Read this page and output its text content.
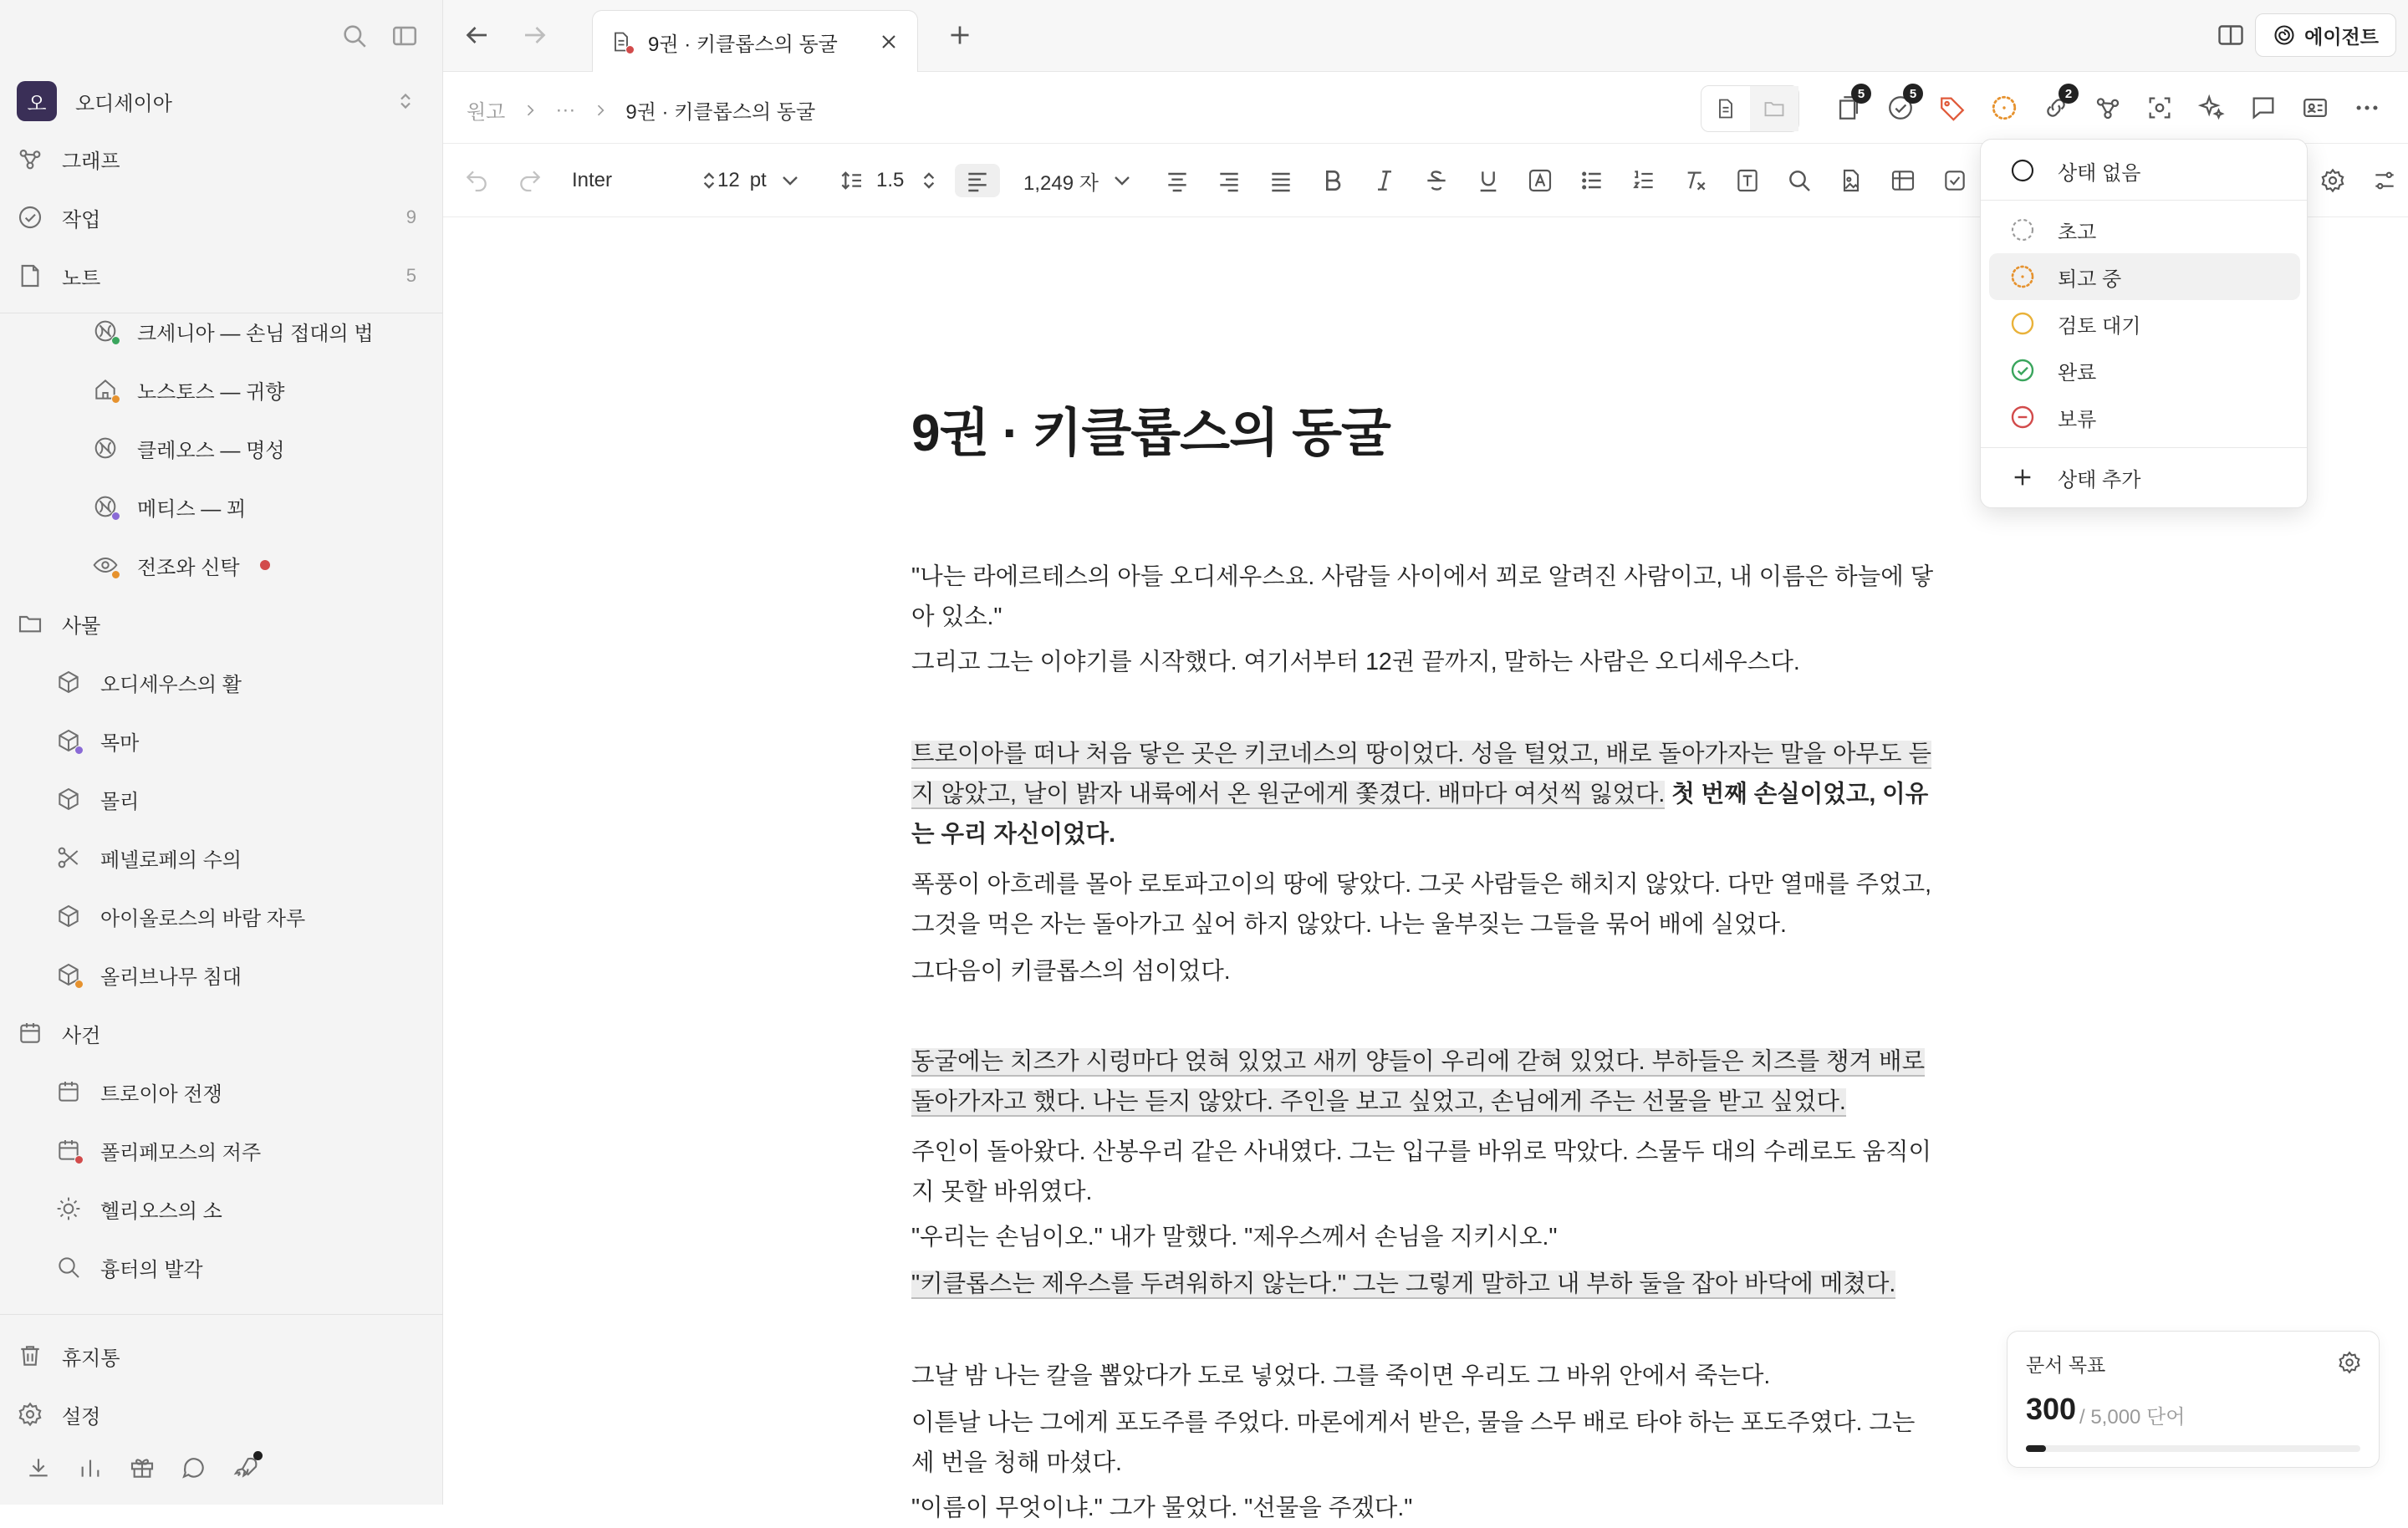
오	오디세이아
그래프
작업	9
노트	5
크세니아 — 손님 접대의 법
노스토스 — 귀향
클레오스 — 명성
메티스 — 꾀
전조와 신탁
사물
오디세우스의 활
목마
몰리
페넬로페의 수의
아이올로스의 바람 자루
올리브나무 침대
사건
트로이아 전쟁
폴리페모스의 저주
헬리오스의 소
흉터의 발각
휴지통
설정
9권 · 키클롭스의 동굴	에이전트
원고	···	9권 · 키클롭스의 동굴
5	5	2
Inter	12 pt	1.5	1,249 자
9권 · 키클롭스의 동굴
"나는 라에르테스의 아들 오디세우스요. 사람들 사이에서 꾀로 알려진 사람이고, 내 이름은 하늘에 닿아 있소."
그리고 그는 이야기를 시작했다. 여기서부터 12권 끝까지, 말하는 사람은 오디세우스다.
트로이아를 떠나 처음 닿은 곳은 키코네스의 땅이었다. 성을 털었고, 배로 돌아가자는 말을 아무도 듣지 않았고, 날이 밝자 내륙에서 온 원군에게 쫓겼다. 배마다 여섯씩 잃었다. 첫 번째 손실이었고, 이유는 우리 자신이었다.
폭풍이 아흐레를 몰아 로토파고이의 땅에 닿았다. 그곳 사람들은 해치지 않았다. 다만 열매를 주었고, 그것을 먹은 자는 돌아가고 싶어 하지 않았다. 나는 울부짖는 그들을 묶어 배에 실었다.
그다음이 키클롭스의 섬이었다.
동굴에는 치즈가 시렁마다 얹혀 있었고 새끼 양들이 우리에 갇혀 있었다. 부하들은 치즈를 챙겨 배로 돌아가자고 했다. 나는 듣지 않았다. 주인을 보고 싶었고, 손님에게 주는 선물을 받고 싶었다.
주인이 돌아왔다. 산봉우리 같은 사내였다. 그는 입구를 바위로 막았다. 스물두 대의 수레로도 움직이지 못할 바위였다.
"우리는 손님이오." 내가 말했다. "제우스께서 손님을 지키시오."
"키클롭스는 제우스를 두려워하지 않는다." 그는 그렇게 말하고 내 부하 둘을 잡아 바닥에 메쳤다.
그날 밤 나는 칼을 뽑았다가 도로 넣었다. 그를 죽이면 우리도 그 바위 안에서 죽는다.
이튿날 나는 그에게 포도주를 주었다. 마론에게서 받은, 물을 스무 배로 타야 하는 포도주였다. 그는 세 번을 청해 마셨다.
"이름이 무엇이냐." 그가 물었다. "선물을 주겠다."
상태 없음
초고
퇴고 중
검토 대기
완료
보류
상태 추가
문서 목표
300 / 5,000 단어
